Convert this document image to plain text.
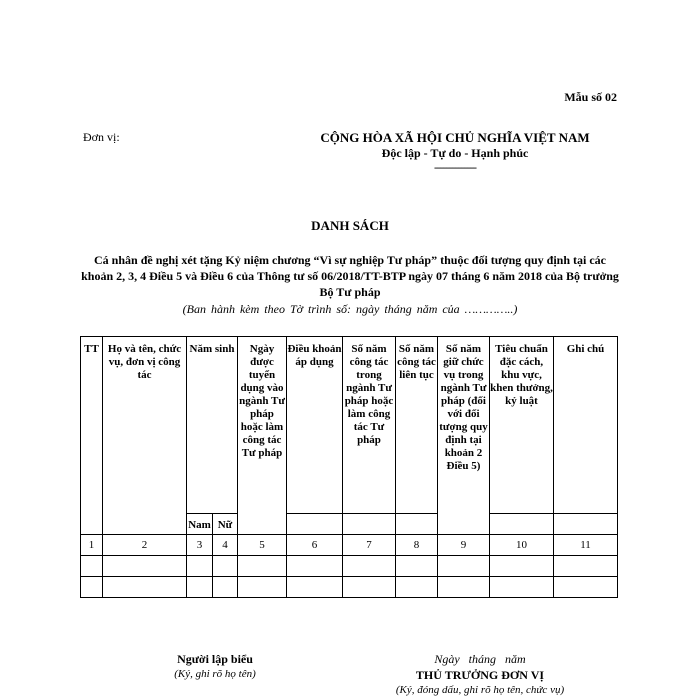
Mẫu số 02
Đơn vị:	CỘNG HÒA XÃ HỘI CHỦ NGHĨA VIỆT NAM
Độc lập - Tự do - Hạnh phúc
--------------
DANH SÁCH
Cá nhân đề nghị xét tặng Kỷ niệm chương “Vì sự nghiệp Tư pháp” thuộc đối tượng quy định tại các khoản 2, 3, 4 Điều 5 và Điều 6 của Thông tư số 06/2018/TT-BTP ngày 07 tháng 6 năm 2018 của Bộ trưởng Bộ Tư pháp
(Ban hành kèm theo Tờ trình số: ngày tháng năm của …………..)
TT	Họ và tên, chức vụ, đơn vị công tác	Năm sinh		Ngày được tuyển dụng vào ngành Tư pháp hoặc làm công tác Tư pháp	Điều khoản áp dụng	Số năm công tác trong ngành Tư pháp hoặc làm công tác Tư pháp	Số năm công tác liên tục	Số năm giữ chức vụ trong ngành Tư pháp (đối với đối tượng quy định tại khoản 2 Điều 5)	Tiêu chuẩn đặc cách, khu vực, khen thưởng, kỷ luật	Ghi chú
		Nam	Nữ							
1	2	3	4	5	6	7	8	9	10	11

Người lập biểu
(Ký, ghi rõ họ tên)
Ngày tháng năm
THỦ TRƯỞNG ĐƠN VỊ
(Ký, đóng dấu, ghi rõ họ tên, chức vụ)
